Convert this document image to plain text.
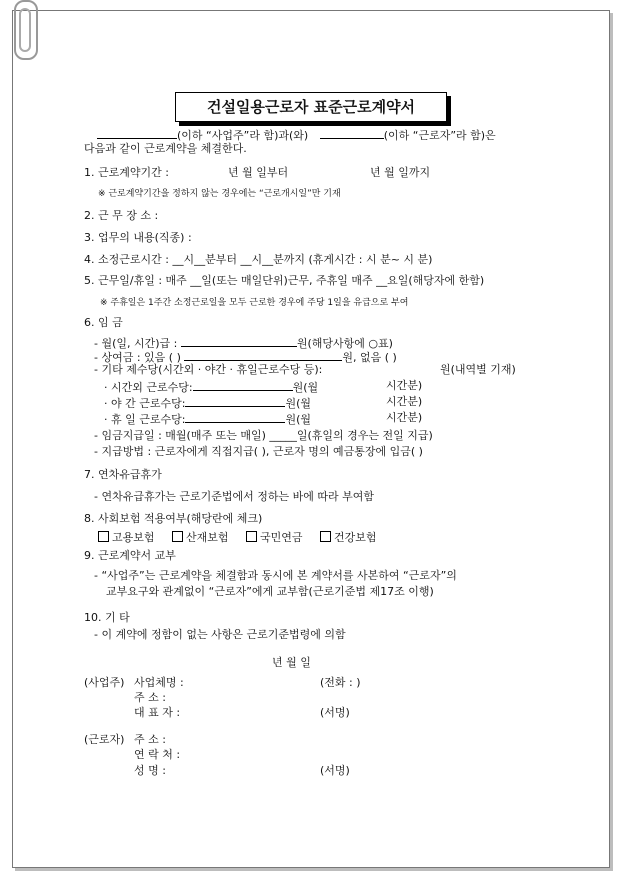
건설일용근로자 표준근로계약서
(이하 “사업주”라 함)과(와)	(이하 “근로자”라 함)은
다음과 같이 근로계약을 체결한다.
1. 근로계약기간 :	년 월 일부터	년 월 일까지
※ 근로계약기간을 정하지 않는 경우에는 “근로개시일”만 기재
2. 근 무 장 소 :
3. 업무의 내용(직종) :
4. 소정근로시간 : __시__분부터 __시__분까지 (휴게시간 : 시 분~ 시 분)
5. 근무일/휴일 : 매주 __일(또는 매일단위)근무, 주휴일 매주 __요일(해당자에 한함)
※ 주휴일은 1주간 소정근로일을 모두 근로한 경우에 주당 1일을 유급으로 부여
6. 임 금
- 월(일, 시간)급 :	원(해당사항에 ○표)
- 상여금 : 있음 ( )	원, 없음 ( )
- 기타 제수당(시간외 · 야간 · 휴일근로수당 등):	원(내역별 기재)
· 시간외 근로수당:	원(월	시간분)
· 야 간 근로수당:	원(월	시간분)
· 휴 일 근로수당:	원(월	시간분)
- 임금지급일 : 매월(매주 또는 매일) _____일(휴일의 경우는 전일 지급)
- 지급방법 : 근로자에게 직접지급( ), 근로자 명의 예금통장에 입금( )
7. 연차유급휴가
- 연차유급휴가는 근로기준법에서 정하는 바에 따라 부여함
8. 사회보험 적용여부(해당란에 체크)
고용보험	산재보험	국민연금	건강보험
9. 근로계약서 교부
- “사업주”는 근로계약을 체결함과 동시에 본 계약서를 사본하여 “근로자”의
교부요구와 관계없이 “근로자”에게 교부함(근로기준법 제17조 이행)
10. 기 타
- 이 계약에 정함이 없는 사항은 근로기준법령에 의함
년 월 일
(사업주) 사업체명 :	(전화 : )
주 소 :
대 표 자 :	(서명)
(근로자) 주 소 :
연 락 처 :
성 명 :	(서명)
